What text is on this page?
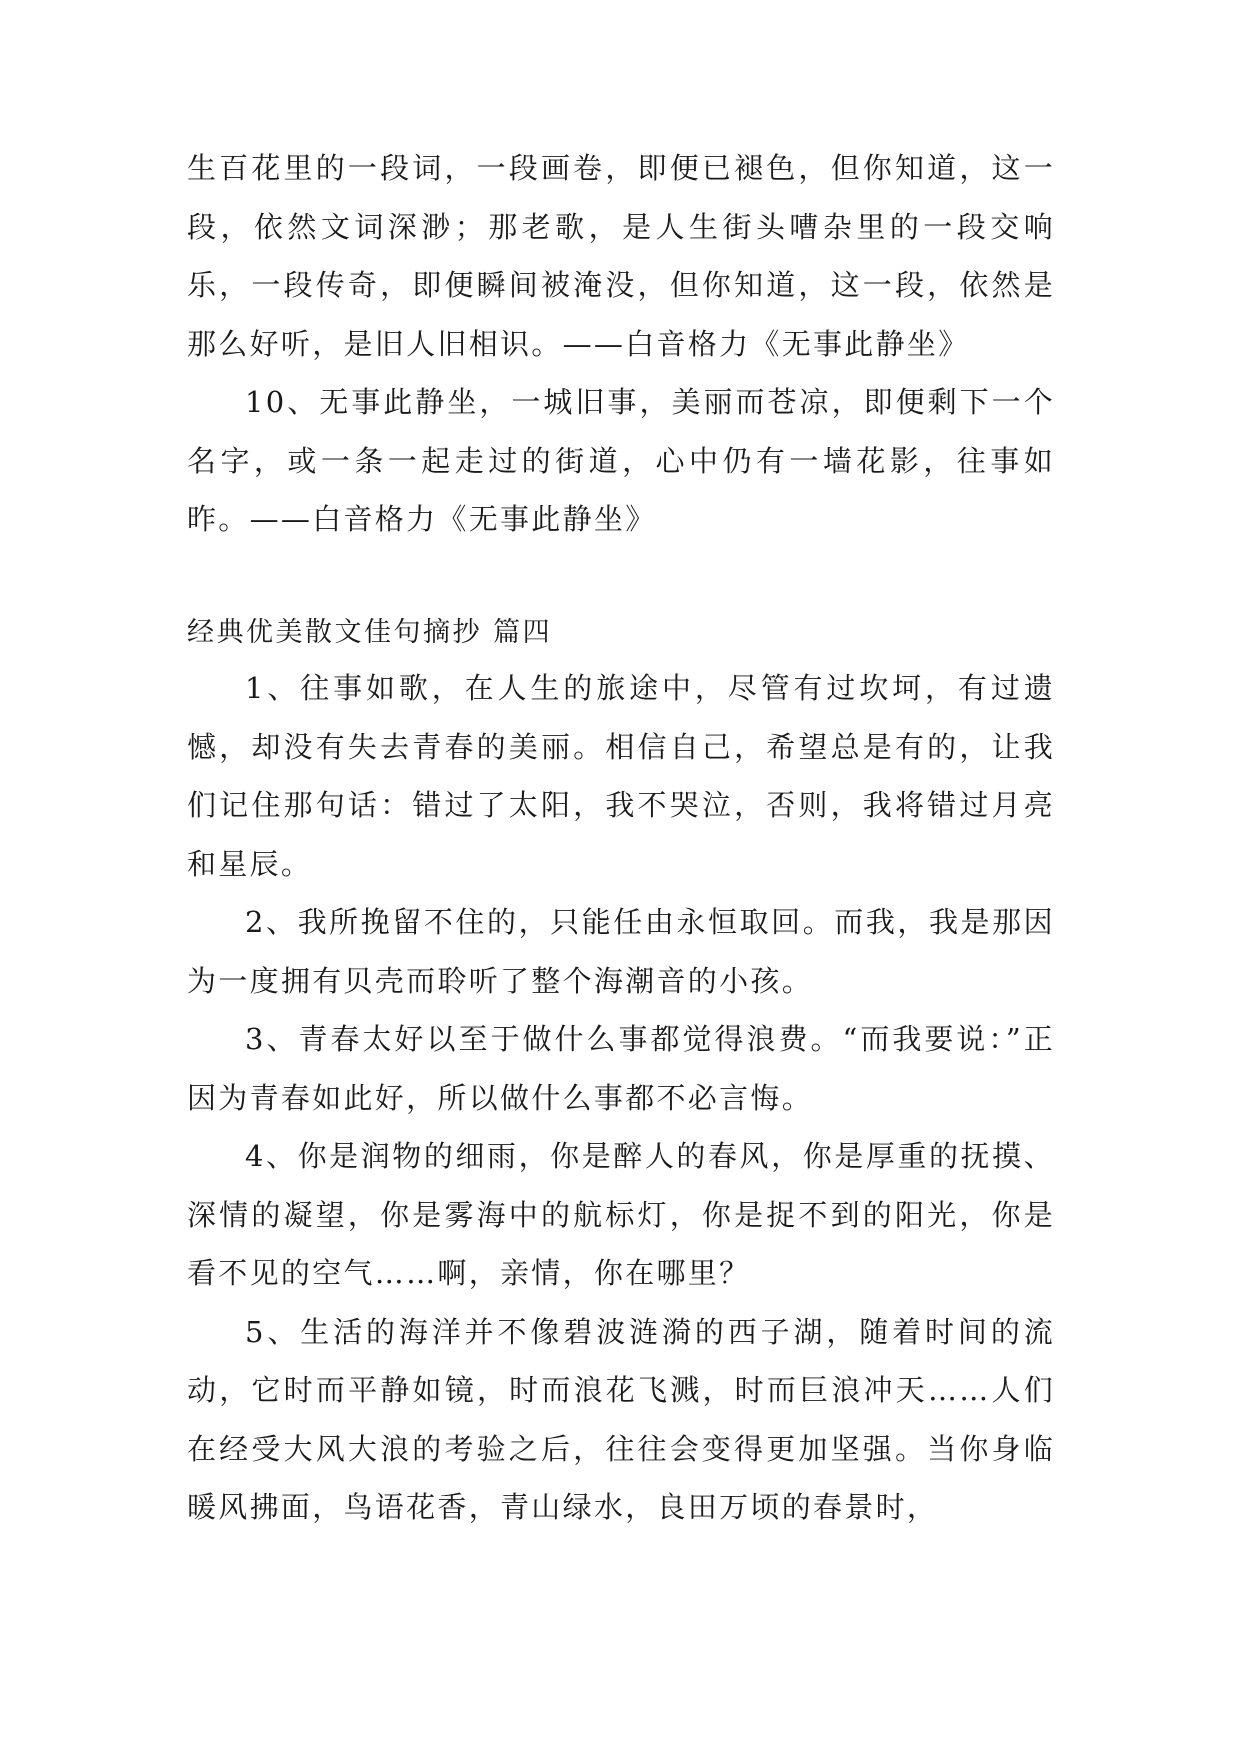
生百花里的一段词，一段画卷，即便已褪色，但你知道，这一段，依然文词深渺；那老歌，是人生街头嘈杂里的一段交响乐，一段传奇，即便瞬间被淹没，但你知道，这一段，依然是那么好听，是旧人旧相识。——白音格力《无事此静坐》

10、无事此静坐，一城旧事，美丽而苍凉，即便剩下一个名字，或一条一起走过的街道，心中仍有一墙花影，往事如昨。——白音格力《无事此静坐》

经典优美散文佳句摘抄 篇四

1、往事如歌，在人生的旅途中，尽管有过坎坷，有过遗憾，却没有失去青春的美丽。相信自己，希望总是有的，让我们记住那句话：错过了太阳，我不哭泣，否则，我将错过月亮和星辰。

2、我所挽留不住的，只能任由永恒取回。而我，我是那因为一度拥有贝壳而聆听了整个海潮音的小孩。

3、青春太好以至于做什么事都觉得浪费。“而我要说：”正因为青春如此好，所以做什么事都不必言悔。

4、你是润物的细雨，你是醉人的春风，你是厚重的抚摸、深情的凝望，你是雾海中的航标灯，你是捉不到的阳光，你是看不见的空气……啊，亲情，你在哪里？

5、生活的海洋并不像碧波涟漪的西子湖，随着时间的流动，它时而平静如镜，时而浪花飞溅，时而巨浪冲天……人们在经受大风大浪的考验之后，往往会变得更加坚强。当你身临暖风拂面，鸟语花香，青山绿水，良田万顷的春景时，
